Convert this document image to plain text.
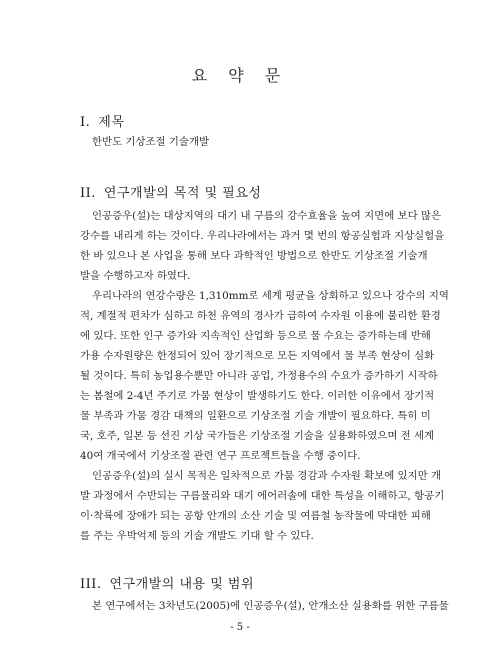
요 약 문
I. 제목
한반도 기상조절 기술개발
II. 연구개발의 목적 및 필요성
인공증우(설)는 대상지역의 대기 내 구름의 강수효율을 높여 지면에 보다 많은
강수를 내리게 하는 것이다. 우리나라에서는 과거 몇 번의 항공실험과 지상실험을
한 바 있으나 본 사업을 통해 보다 과학적인 방법으로 한반도 기상조절 기술개
발을 수행하고자 하였다.
우리나라의 연강수량은 1,310mm로 세계 평균을 상회하고 있으나 강수의 지역
적, 계절적 편차가 심하고 하천 유역의 경사가 급하여 수자원 이용에 불리한 환경
에 있다. 또한 인구 증가와 지속적인 산업화 등으로 물 수요는 증가하는데 반해
가용 수자원량은 한정되어 있어 장기적으로 모든 지역에서 물 부족 현상이 심화
될 것이다. 특히 농업용수뿐만 아니라 공업, 가정용수의 수요가 증가하기 시작하
는 봄철에 2-4년 주기로 가뭄 현상이 발생하기도 한다. 이러한 이유에서 장기적
물 부족과 가뭄 경감 대책의 일환으로 기상조절 기술 개발이 필요하다. 특히 미
국, 호주, 일본 등 선진 기상 국가들은 기상조절 기술을 실용화하였으며 전 세계
40여 개국에서 기상조절 관련 연구 프로젝트들을 수행 중이다.
인공증우(설)의 실시 목적은 일차적으로 가뭄 경감과 수자원 확보에 있지만 개
발 과정에서 수반되는 구름물리와 대기 에어러솔에 대한 특성을 이해하고, 항공기
이·착륙에 장애가 되는 공항 안개의 소산 기술 및 여름철 농작물에 막대한 피해
를 주는 우박억제 등의 기술 개발도 기대 할 수 있다.
III. 연구개발의 내용 및 범위
본 연구에서는 3차년도(2005)에 인공증우(설), 안개소산 실용화를 위한 구름물
- 5 -
